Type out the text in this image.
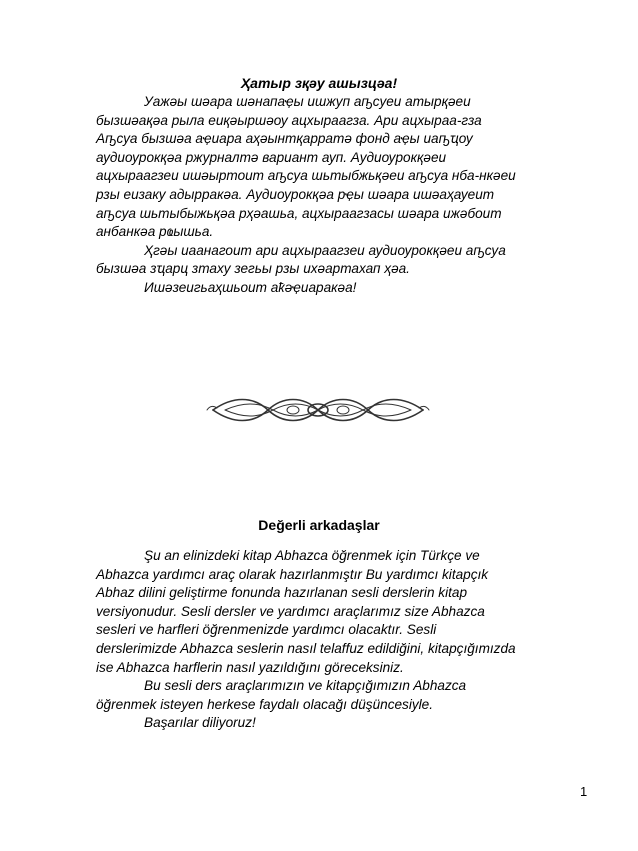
Ҳатыр зқәу ашызцәа!
Уажәы шәара шәнапаҿы ишжуп аҧсуеи атырқәеи
бызшәақәа рыла еиқәыршәоу ацхыраагза. Ари ацхыраа-гза
Аҧсуа бызшәа аҿиара аҳәынтқарратә фонд аҿы иаҧҵоу
аудиоурокқәа ржурналтә вариант ауп. Аудиоурокқәеи
ацхыраагзеи ишәыртоит аҧсуа шьтыбжьқәеи аҧсуа нба-нкәеи
рзы еизаку адырракәа. Аудиоурокқәа рҿы шәара ишәаҳауеит
аҧсуа шьтыбыжьқәа рҳәашьа, ацхыраагзасы шәара ижәбоит
анбанкәа рҩышьа.
Ҳгәы иаанагоит ари ацхыраагзеи аудиоурокқәеи аҧсуа
бызшәа зҵарц зтаху зегьы рзы ихәартахап ҳәа.
Ишәзеигьаҳшьоит аҟәҿиаракәа!
Değerli arkadaşlar
Şu an elinizdeki kitap Abhazca öğrenmek için Türkçe ve
Abhazca yardımcı araç olarak hazırlanmıştır Bu yardımcı kitapçık
Abhaz dilini geliştirme fonunda hazırlanan sesli derslerin kitap
versiyonudur. Sesli dersler ve yardımcı araçlarımız size Abhazca
sesleri ve harfleri öğrenmenizde yardımcı olacaktır. Sesli
derslerimizde Abhazca seslerin nasıl telaffuz edildiğini, kitapçığımızda
ise Abhazca harflerin nasıl yazıldığını göreceksiniz.
Bu sesli ders araçlarımızın ve kitapçığımızın Abhazca
öğrenmek isteyen herkese faydalı olacağı düşüncesiyle.
Başarılar diliyoruz!
1
